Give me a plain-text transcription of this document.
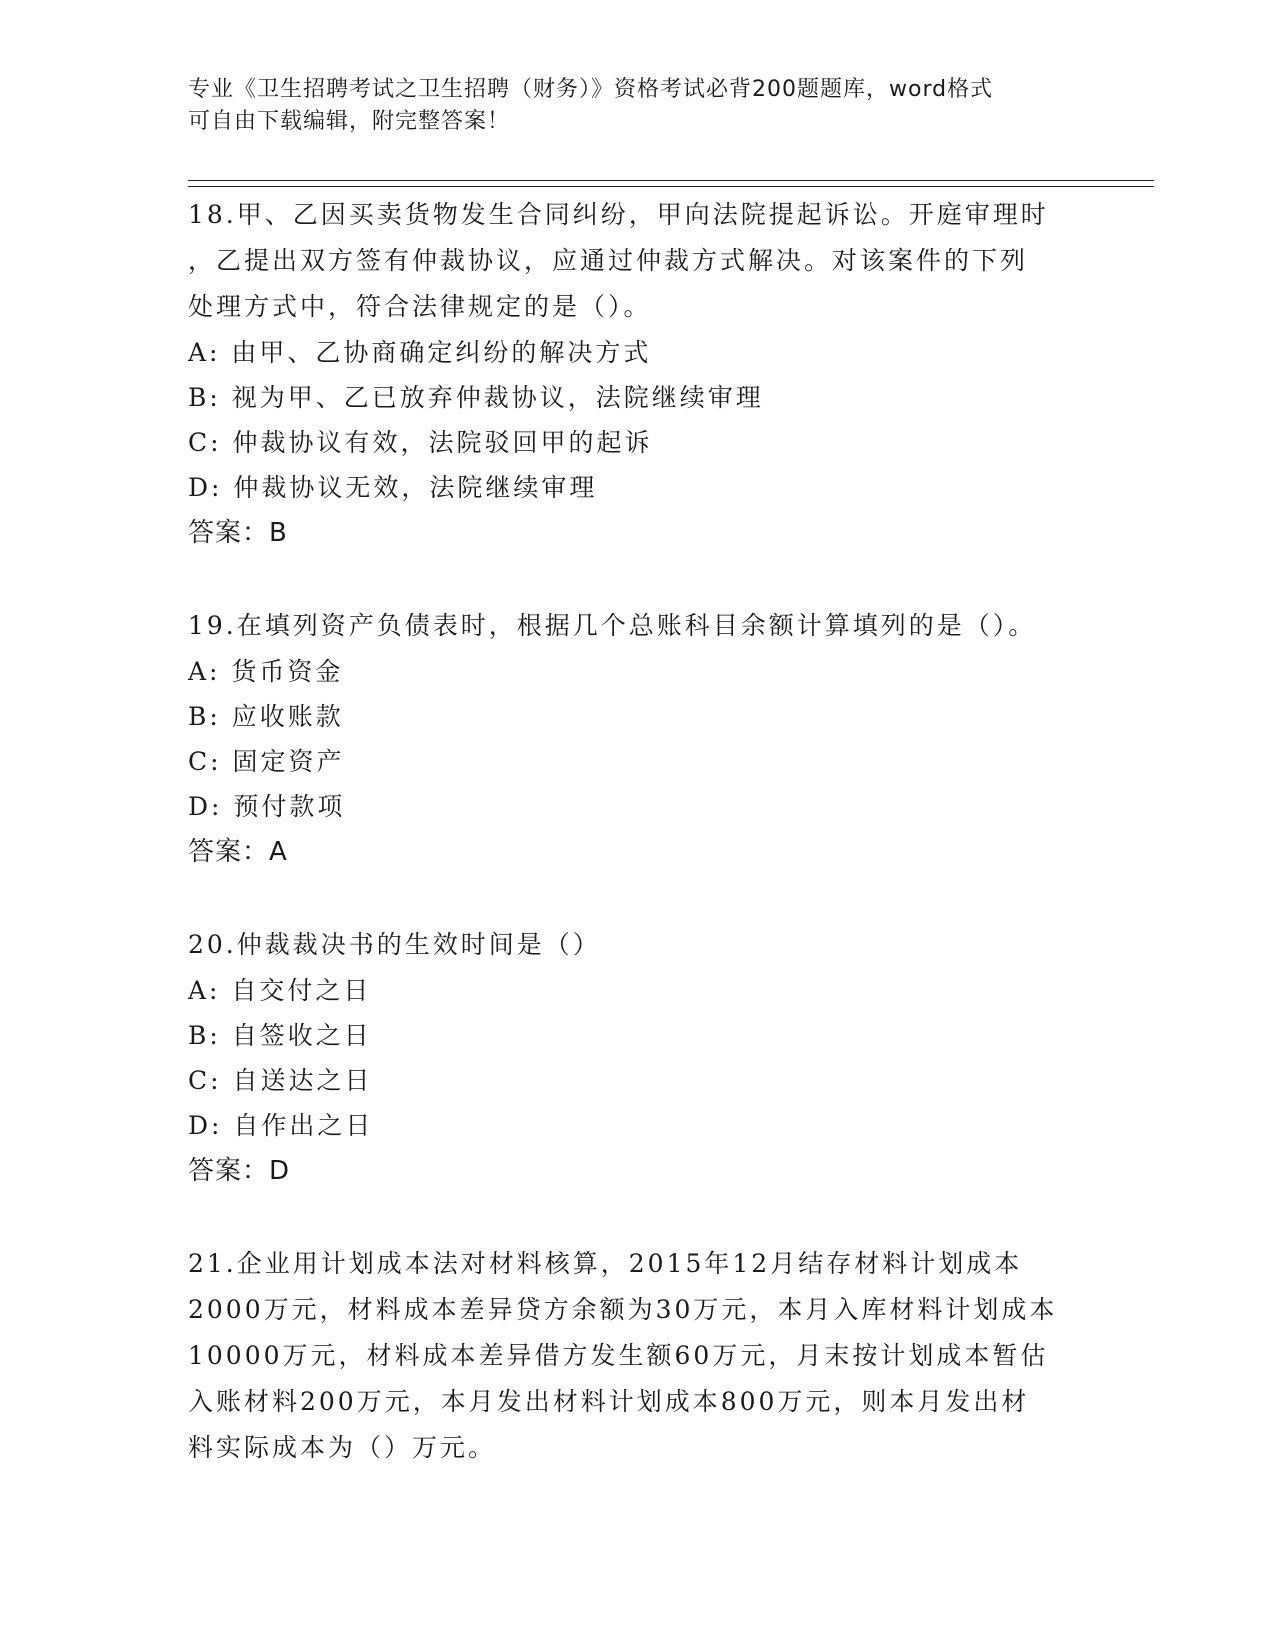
专业《卫生招聘考试之卫生招聘（财务）》资格考试必背200题题库，word格式
可自由下载编辑，附完整答案！
18.甲、乙因买卖货物发生合同纠纷，甲向法院提起诉讼。开庭审理时
，乙提出双方签有仲裁协议，应通过仲裁方式解决。对该案件的下列
处理方式中，符合法律规定的是（）。
A: 由甲、乙协商确定纠纷的解决方式
B: 视为甲、乙已放弃仲裁协议，法院继续审理
C: 仲裁协议有效，法院驳回甲的起诉
D: 仲裁协议无效，法院继续审理
答案：B
19.在填列资产负债表时，根据几个总账科目余额计算填列的是（）。
A: 货币资金
B: 应收账款
C: 固定资产
D: 预付款项
答案：A
20.仲裁裁决书的生效时间是（）
A: 自交付之日
B: 自签收之日
C: 自送达之日
D: 自作出之日
答案：D
21.企业用计划成本法对材料核算，2015年12月结存材料计划成本
2000万元，材料成本差异贷方余额为30万元，本月入库材料计划成本
10000万元，材料成本差异借方发生额60万元，月末按计划成本暂估
入账材料200万元，本月发出材料计划成本800万元，则本月发出材
料实际成本为（）万元。
